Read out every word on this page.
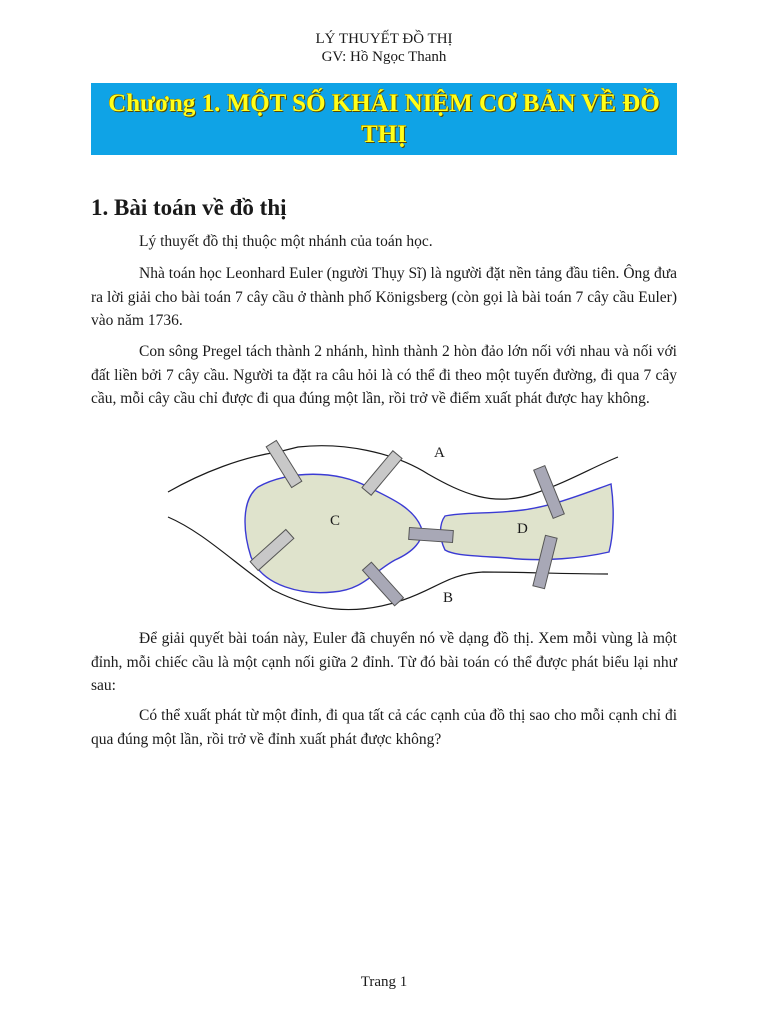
LÝ THUYẾT ĐỒ THỊ
GV: Hồ Ngọc Thanh
Chương 1. MỘT SỐ KHÁI NIỆM CƠ BẢN VỀ ĐỒ THỊ
1. Bài toán về đồ thị
Lý thuyết đồ thị thuộc một nhánh của toán học.
Nhà toán học Leonhard Euler (người Thụy Sĩ) là người đặt nền tảng đầu tiên. Ông đưa ra lời giải cho bài toán 7 cây cầu ở thành phố Königsberg (còn gọi là bài toán 7 cây cầu Euler) vào năm 1736.
Con sông Pregel tách thành 2 nhánh, hình thành 2 hòn đảo lớn nối với nhau và nối với đất liền bởi 7 cây cầu. Người ta đặt ra câu hỏi là có thể đi theo một tuyến đường, đi qua 7 cây cầu, mỗi cây cầu chỉ được đi qua đúng một lần, rồi trở về điểm xuất phát được hay không.
A
B
C	D
Để giải quyết bài toán này, Euler đã chuyển nó về dạng đồ thị. Xem mỗi vùng là một đỉnh, mỗi chiếc cầu là một cạnh nối giữa 2 đỉnh. Từ đó bài toán có thể được phát biểu lại như sau:
Có thể xuất phát từ một đỉnh, đi qua tất cả các cạnh của đồ thị sao cho mỗi cạnh chỉ đi qua đúng một lần, rồi trở về đỉnh xuất phát được không?
Trang 1
